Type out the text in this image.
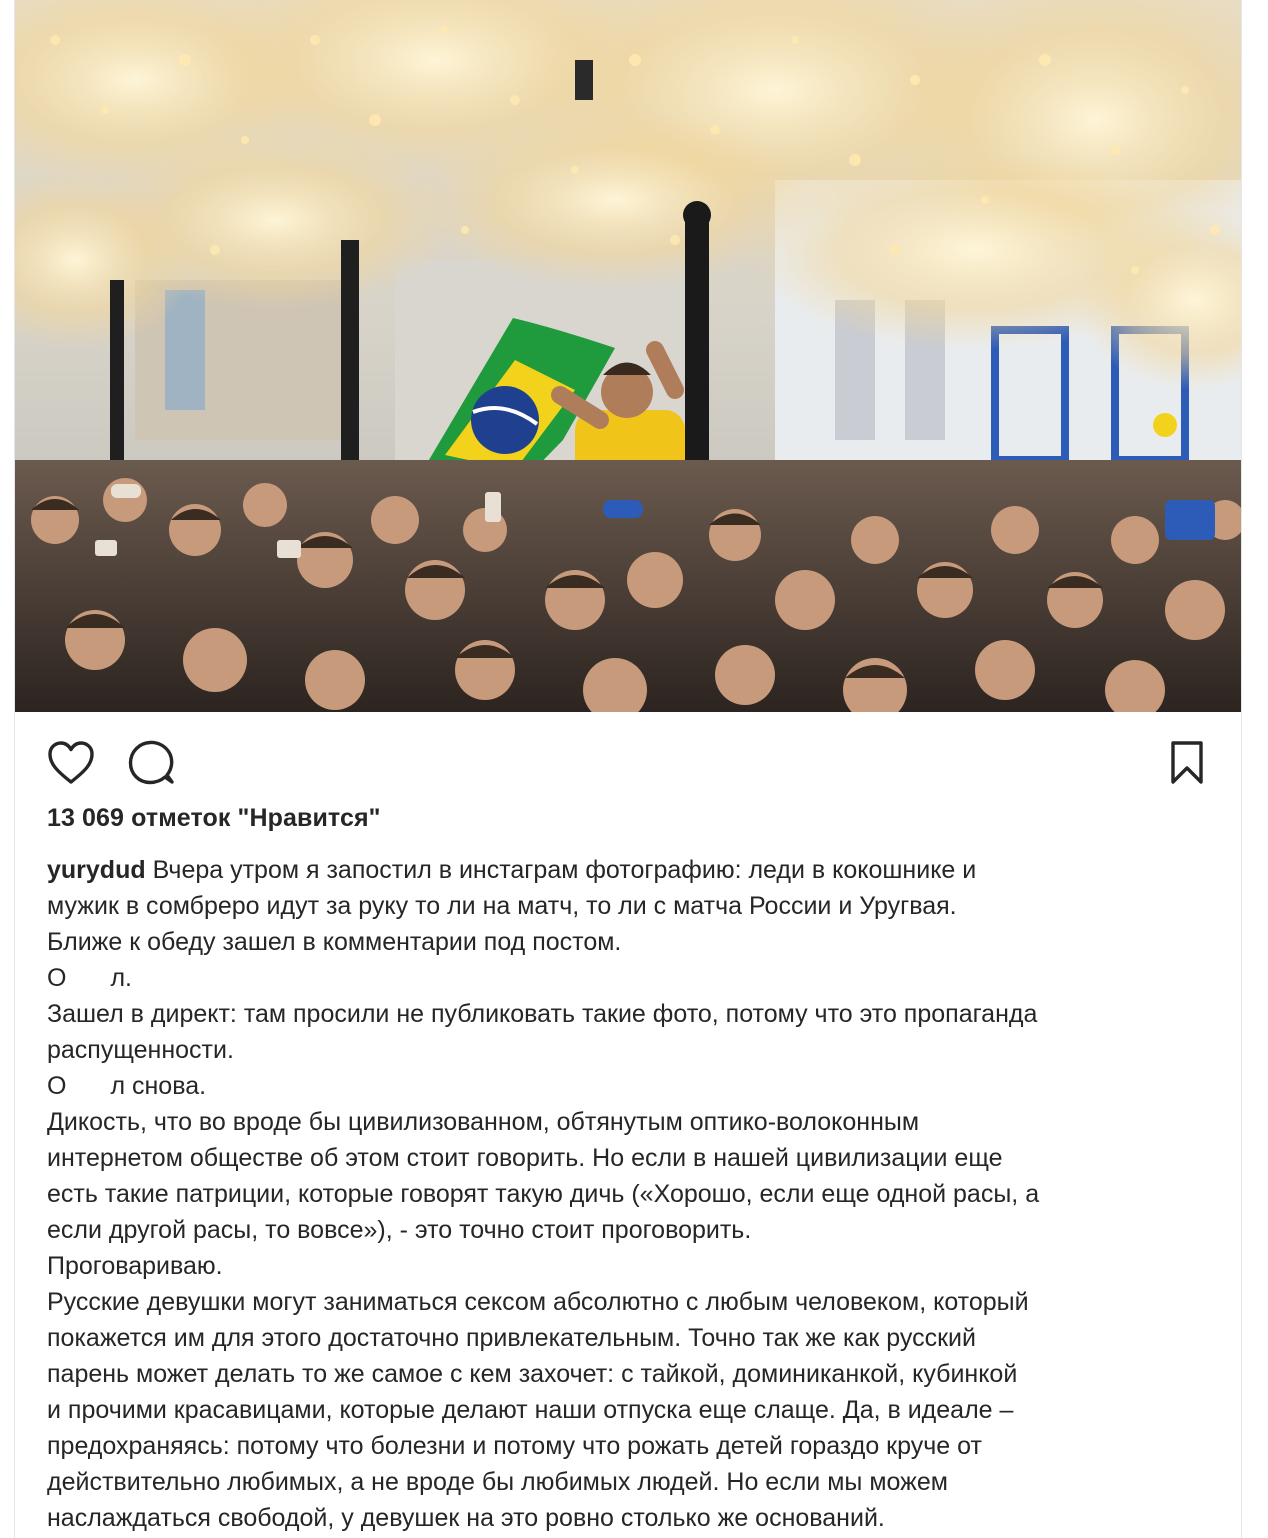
13 069 отметок "Нравится"
yurydud Вчера утром я запостил в инстаграм фотографию: леди в кокошнике и
мужик в сомбреро идут за руку то ли на матч, то ли с матча России и Уругвая.
Ближе к обеду зашел в комментарии под постом.
О л.
Зашел в директ: там просили не публиковать такие фото, потому что это пропаганда
распущенности.
О л снова.
Дикость, что во вроде бы цивилизованном, обтянутым оптико-волоконным
интернетом обществе об этом стоит говорить. Но если в нашей цивилизации еще
есть такие патриции, которые говорят такую дичь («Хорошо, если еще одной расы, а
если другой расы, то вовсе»), - это точно стоит проговорить.
Проговариваю.
Русские девушки могут заниматься сексом абсолютно с любым человеком, который
покажется им для этого достаточно привлекательным. Точно так же как русский
парень может делать то же самое с кем захочет: с тайкой, доминиканкой, кубинкой
и прочими красавицами, которые делают наши отпуска еще слаще. Да, в идеале –
предохраняясь: потому что болезни и потому что рожать детей гораздо круче от
действительно любимых, а не вроде бы любимых людей. Но если мы можем
наслаждаться свободой, у девушек на это ровно столько же оснований.
